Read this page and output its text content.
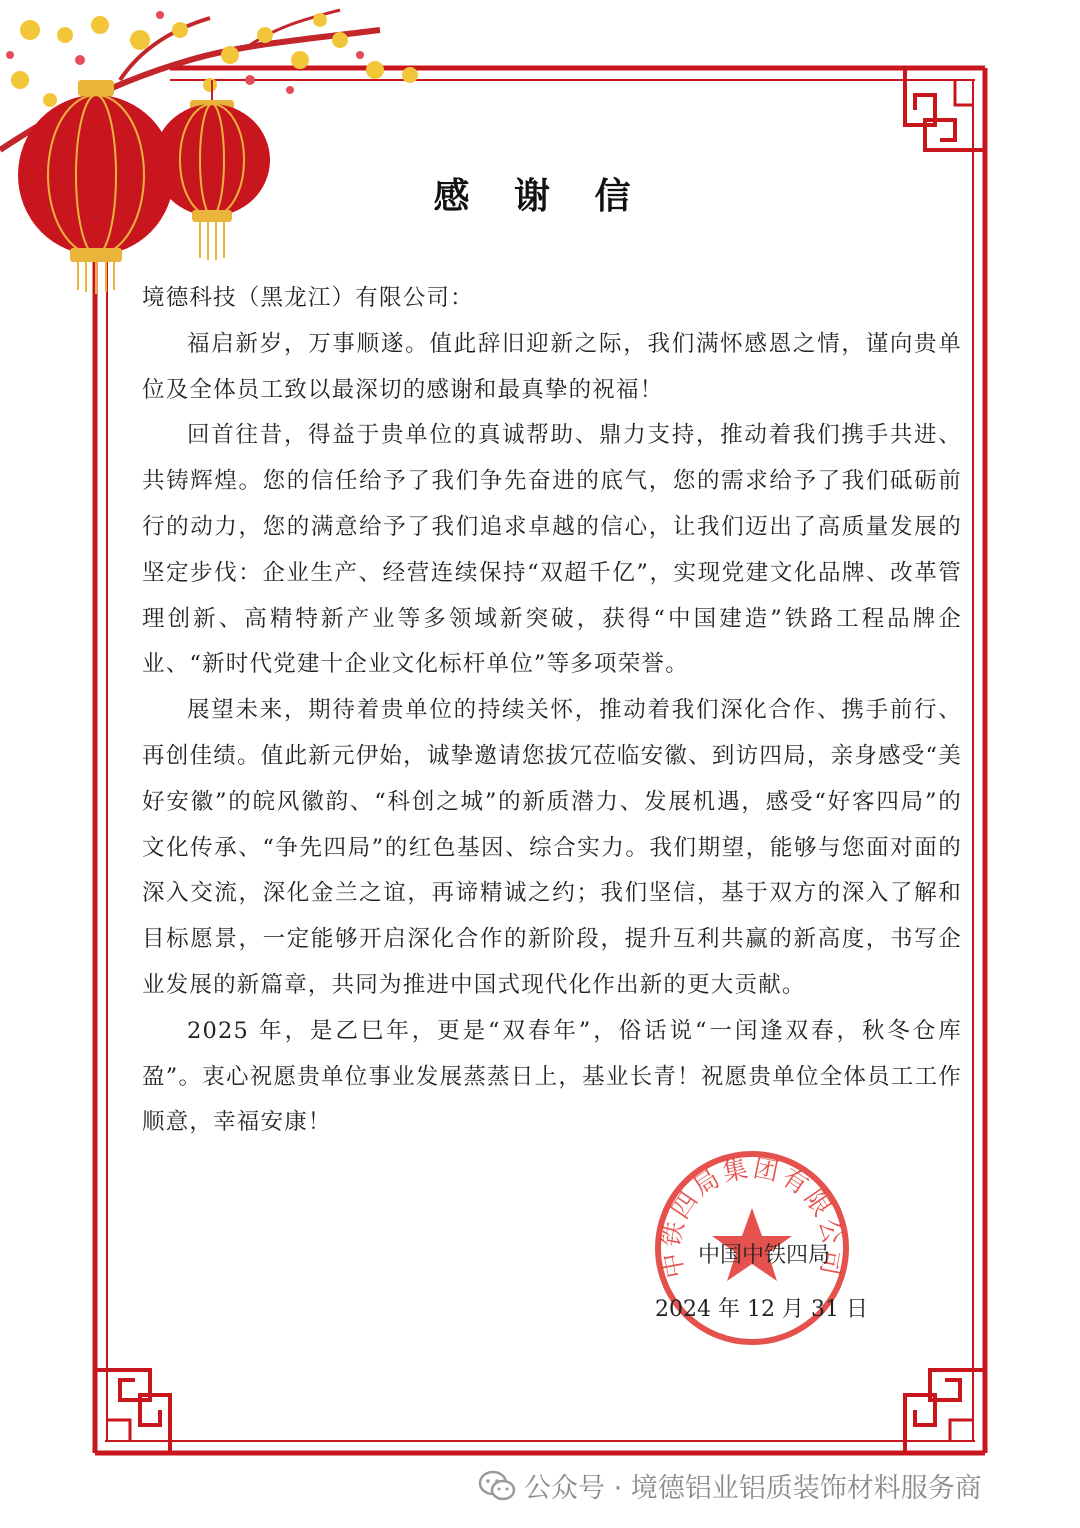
感 谢 信

境德科技（黑龙江）有限公司：

福启新岁，万事顺遂。值此辞旧迎新之际，我们满怀感恩之情，谨向贵单位及全体员工致以最深切的感谢和最真挚的祝福！

回首往昔，得益于贵单位的真诚帮助、鼎力支持，推动着我们携手共进、共铸辉煌。您的信任给予了我们争先奋进的底气，您的需求给予了我们砥砺前行的动力，您的满意给予了我们追求卓越的信心，让我们迈出了高质量发展的坚定步伐：企业生产、经营连续保持“双超千亿”，实现党建文化品牌、改革管理创新、高精特新产业等多领域新突破，获得“中国建造”铁路工程品牌企业、“新时代党建十企业文化标杆单位”等多项荣誉。

展望未来，期待着贵单位的持续关怀，推动着我们深化合作、携手前行、再创佳绩。值此新元伊始，诚挚邀请您拔冗莅临安徽、到访四局，亲身感受“美好安徽”的皖风徽韵、“科创之城”的新质潜力、发展机遇，感受“好客四局”的文化传承、“争先四局”的红色基因、综合实力。我们期望，能够与您面对面的深入交流，深化金兰之谊，再谛精诚之约；我们坚信，基于双方的深入了解和目标愿景，一定能够开启深化合作的新阶段，提升互利共赢的新高度，书写企业发展的新篇章，共同为推进中国式现代化作出新的更大贡献。

2025 年，是乙巳年，更是“双春年”，俗话说“一闰逢双春，秋冬仓库盈”。衷心祝愿贵单位事业发展蒸蒸日上，基业长青！祝愿贵单位全体员工工作顺意，幸福安康！

中铁四局集团有限公司
中国中铁四局
2024 年 12 月 31 日
公众号 · 境德铝业铝质装饰材料服务商
